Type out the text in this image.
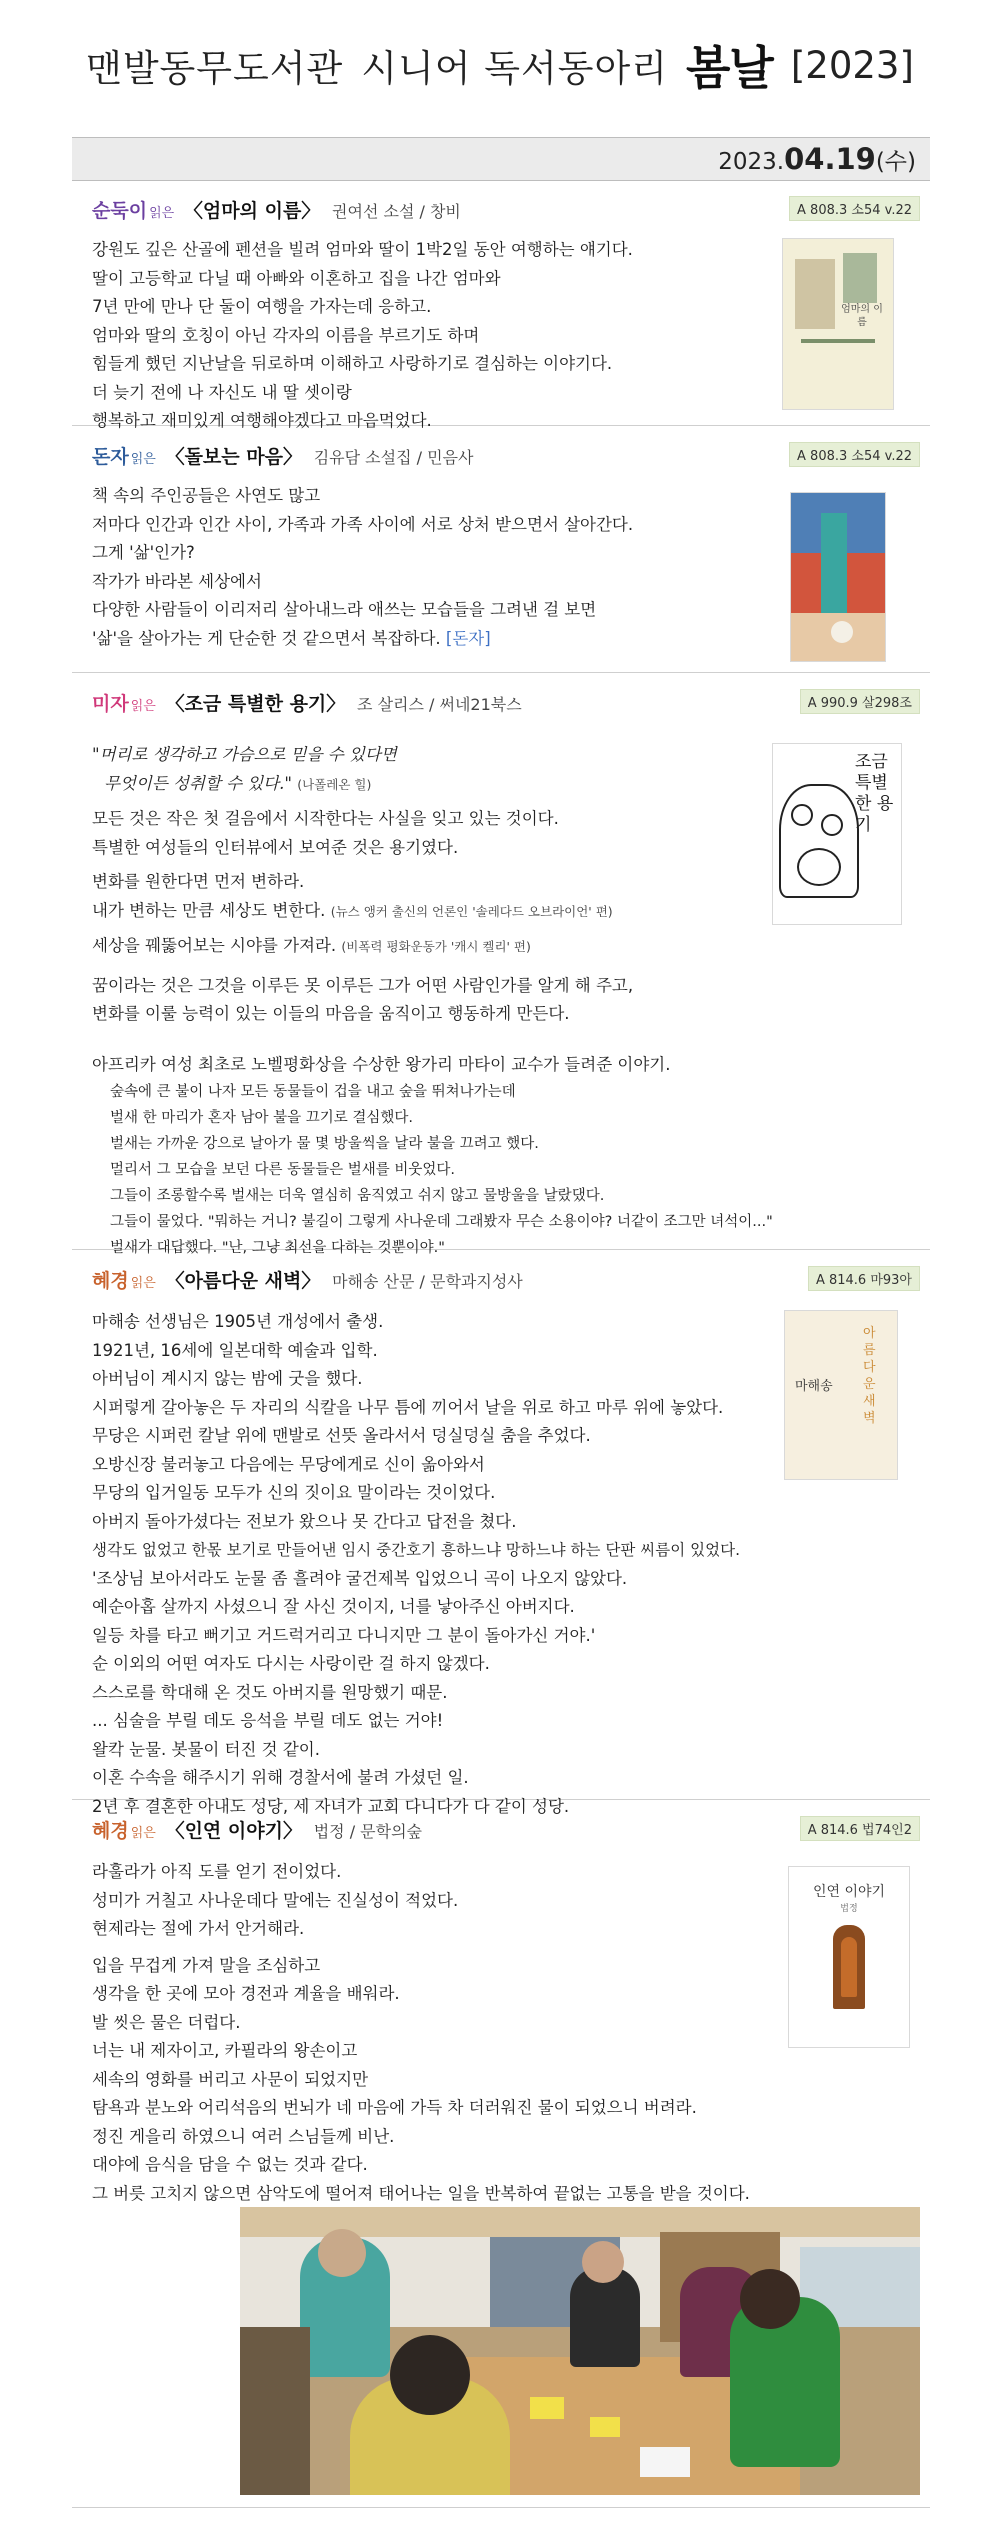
맨발동무도서관 시니어 독서동아리 봄날 [2023]
2023.04.19(수)
순둑이 읽은 〈엄마의 이름〉 권여선 소설 / 창비	A 808.3 소54 v.22

강원도 깊은 산골에 펜션을 빌려 엄마와 딸이 1박2일 동안 여행하는 얘기다.

딸이 고등학교 다닐 때 아빠와 이혼하고 집을 나간 엄마와

7년 만에 만나 단 둘이 여행을 가자는데 응하고.

엄마와 딸의 호칭이 아닌 각자의 이름을 부르기도 하며

힘들게 했던 지난날을 뒤로하며 이해하고 사랑하기로 결심하는 이야기다.

더 늦기 전에 나 자신도 내 딸 셋이랑

행복하고 재미있게 여행해야겠다고 마음먹었다.

엄마의 이름
돈자 읽은 〈돌보는 마음〉 김유담 소설집 / 민음사	A 808.3 소54 v.22

책 속의 주인공들은 사연도 많고

저마다 인간과 인간 사이, 가족과 가족 사이에 서로 상처 받으면서 살아간다.

그게 '삶'인가?

작가가 바라본 세상에서

다양한 사람들이 이리저리 살아내느라 애쓰는 모습들을 그려낸 걸 보면

'삶'을 살아가는 게 단순한 것 같으면서 복잡하다. [돈자]

미자 읽은 〈조금 특별한 용기〉 조 살리스 / 써네21북스	A 990.9 살298조

"머리로 생각하고 가슴으로 믿을 수 있다면

무엇이든 성취할 수 있다." (나폴레온 힐)

모든 것은 작은 첫 걸음에서 시작한다는 사실을 잊고 있는 것이다.

특별한 여성들의 인터뷰에서 보여준 것은 용기였다.

변화를 원한다면 먼저 변하라.

내가 변하는 만큼 세상도 변한다. (뉴스 앵커 출신의 언론인 '솔레다드 오브라이언' 편)

세상을 꿰뚫어보는 시야를 가져라. (비폭력 평화운동가 '캐시 켈리' 편)

꿈이라는 것은 그것을 이루든 못 이루든 그가 어떤 사람인가를 알게 해 주고,

변화를 이룰 능력이 있는 이들의 마음을 움직이고 행동하게 만든다.

아프리카 여성 최초로 노벨평화상을 수상한 왕가리 마타이 교수가 들려준 이야기.

숲속에 큰 불이 나자 모든 동물들이 겁을 내고 숲을 뛰쳐나가는데

벌새 한 마리가 혼자 남아 불을 끄기로 결심했다.

벌새는 가까운 강으로 날아가 물 몇 방울씩을 날라 불을 끄려고 했다.

멀리서 그 모습을 보던 다른 동물들은 벌새를 비웃었다.

그들이 조롱할수록 벌새는 더욱 열심히 움직였고 쉬지 않고 물방울을 날랐댔다.

그들이 물었다. "뭐하는 거니? 불길이 그렇게 사나운데 그래봤자 무슨 소용이야? 너같이 조그만 녀석이..."

벌새가 대답했다. "난, 그냥 최선을 다하는 것뿐이야."

조금 특별한 용기
혜경 읽은 〈아름다운 새벽〉 마해송 산문 / 문학과지성사	A 814.6 마93아

마해송 선생님은 1905년 개성에서 출생.

1921년, 16세에 일본대학 예술과 입학.

아버님이 계시지 않는 밤에 굿을 했다.

시퍼렇게 갈아놓은 두 자리의 식칼을 나무 틈에 끼어서 날을 위로 하고 마루 위에 놓았다.

무당은 시퍼런 칼날 위에 맨발로 선뜻 올라서서 덩실덩실 춤을 추었다.

오방신장 불러놓고 다음에는 무당에게로 신이 옮아와서

무당의 입거일동 모두가 신의 짓이요 말이라는 것이었다.

아버지 돌아가셨다는 전보가 왔으나 못 간다고 답전을 쳤다.

생각도 없었고 한몫 보기로 만들어낸 임시 중간호기 흥하느냐 망하느냐 하는 단판 씨름이 있었다.

'조상님 보아서라도 눈물 좀 흘려야 굴건제복 입었으니 곡이 나오지 않았다.

예순아홉 살까지 사셨으니 잘 사신 것이지, 너를 낳아주신 아버지다.

일등 차를 타고 뻐기고 거드럭거리고 다니지만 그 분이 돌아가신 거야.'

순 이외의 어떤 여자도 다시는 사랑이란 걸 하지 않겠다.

스스로를 학대해 온 것도 아버지를 원망했기 때문.

... 심술을 부릴 데도 응석을 부릴 데도 없는 거야!

왈칵 눈물. 봇물이 터진 것 같이.

이혼 수속을 해주시기 위해 경찰서에 불려 가셨던 일.

2년 후 결혼한 아내도 성당, 세 자녀가 교회 다니다가 다 같이 성당.

마해송
아름다운 새벽
혜경 읽은 〈인연 이야기〉 법정 / 문학의숲	A 814.6 법74인2

라훌라가 아직 도를 얻기 전이었다.

성미가 거칠고 사나운데다 말에는 진실성이 적었다.

현제라는 절에 가서 안거해라.

입을 무겁게 가져 말을 조심하고

생각을 한 곳에 모아 경전과 계율을 배워라.

발 씻은 물은 더럽다.

너는 내 제자이고, 카필라의 왕손이고

세속의 영화를 버리고 사문이 되었지만

탐욕과 분노와 어리석음의 번뇌가 네 마음에 가득 차 더러워진 물이 되었으니 버려라.

정진 게을리 하였으니 여러 스님들께 비난.

대야에 음식을 담을 수 없는 것과 같다.

그 버릇 고치지 않으면 삼악도에 떨어져 태어나는 일을 반복하여 끝없는 고통을 받을 것이다.

인연 이야기
법정
